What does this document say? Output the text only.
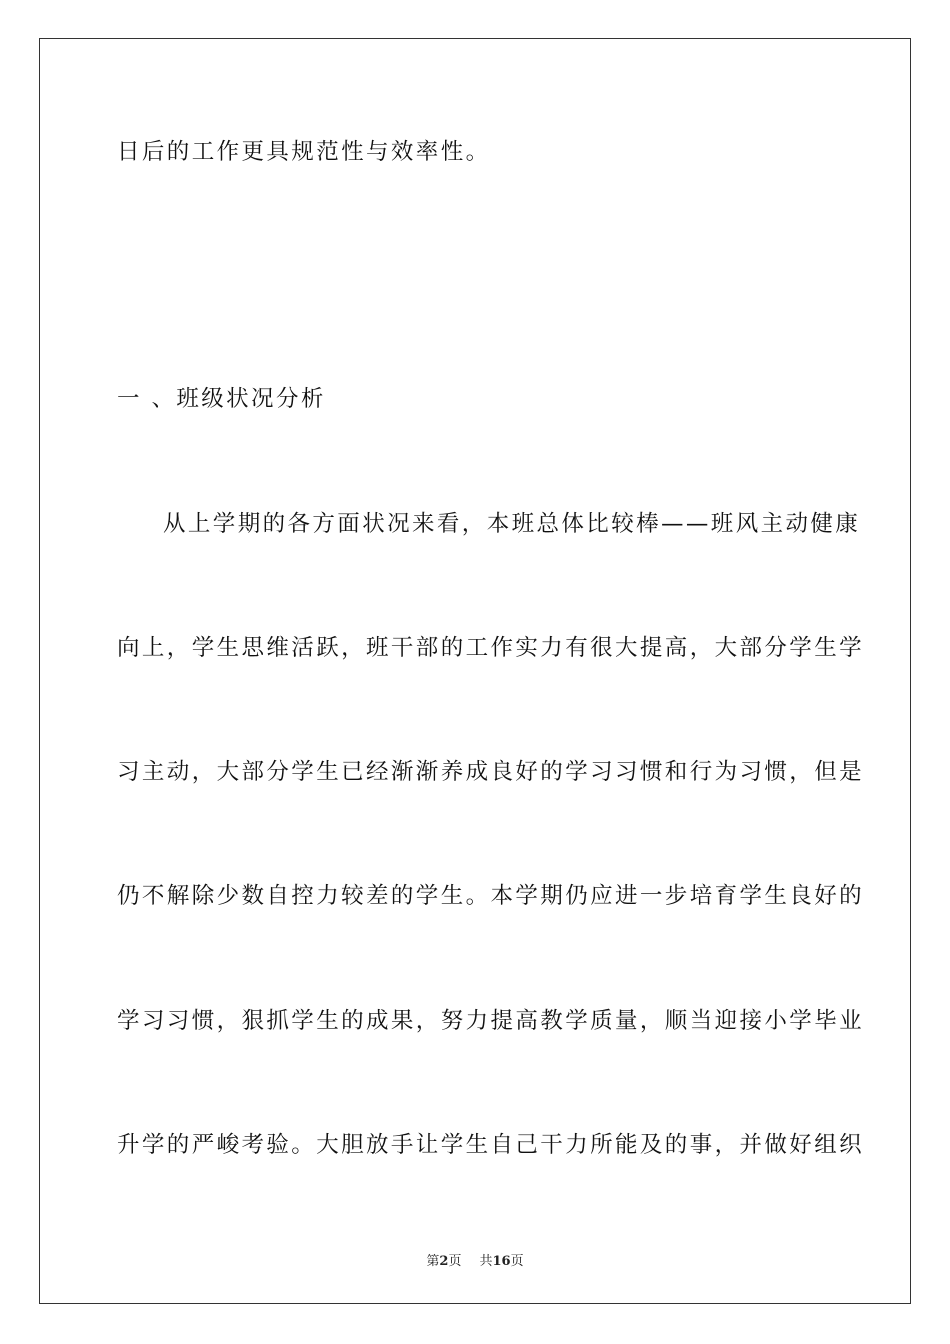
日后的工作更具规范性与效率性。
一 、班级状况分析
从上学期的各方面状况来看，本班总体比较棒——班风主动健康
向上，学生思维活跃，班干部的工作实力有很大提高，大部分学生学
习主动，大部分学生已经渐渐养成良好的学习习惯和行为习惯，但是
仍不解除少数自控力较差的学生。本学期仍应进一步培育学生良好的
学习习惯，狠抓学生的成果，努力提高教学质量，顺当迎接小学毕业
升学的严峻考验。大胆放手让学生自己干力所能及的事，并做好组织
第2页 共16页
